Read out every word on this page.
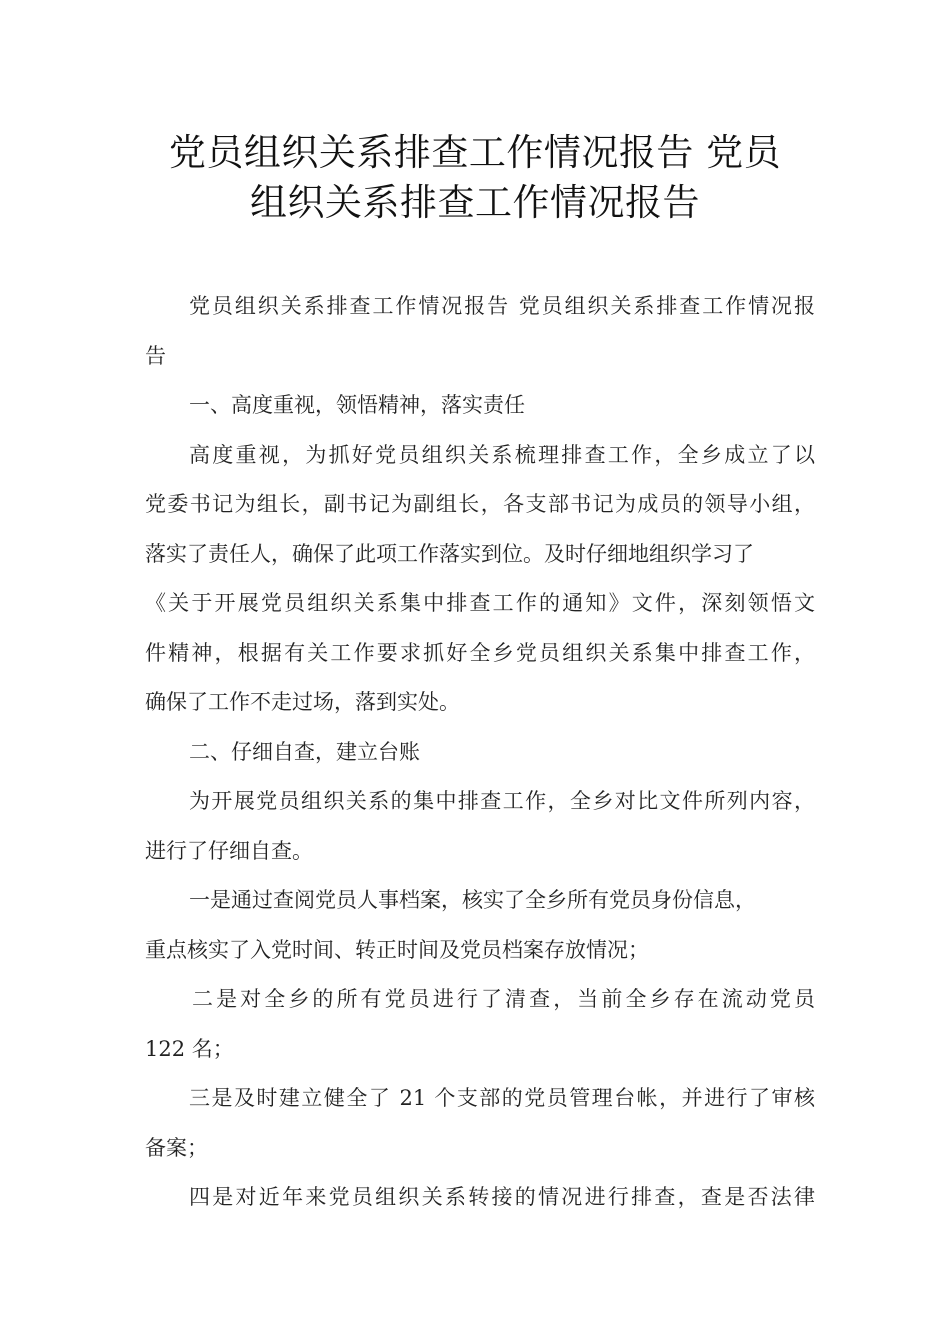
党员组织关系排查工作情况报告 党员
组织关系排查工作情况报告
党员组织关系排查工作情况报告 党员组织关系排查工作情况报
告
一、高度重视，领悟精神，落实责任
高度重视，为抓好党员组织关系梳理排查工作，全乡成立了以
党委书记为组长，副书记为副组长，各支部书记为成员的领导小组，
落实了责任人，确保了此项工作落实到位。及时仔细地组织学习了
《关于开展党员组织关系集中排查工作的通知》文件，深刻领悟文
件精神，根据有关工作要求抓好全乡党员组织关系集中排查工作，
确保了工作不走过场，落到实处。
二、仔细自查，建立台账
为开展党员组织关系的集中排查工作，全乡对比文件所列内容，
进行了仔细自查。
一是通过查阅党员人事档案，核实了全乡所有党员身份信息，
重点核实了入党时间、转正时间及党员档案存放情况；
二是对全乡的所有党员进行了清查，当前全乡存在流动党员
122 名；
三是及时建立健全了 21 个支部的党员管理台帐，并进行了审核
备案；
四是对近年来党员组织关系转接的情况进行排查，查是否法律
